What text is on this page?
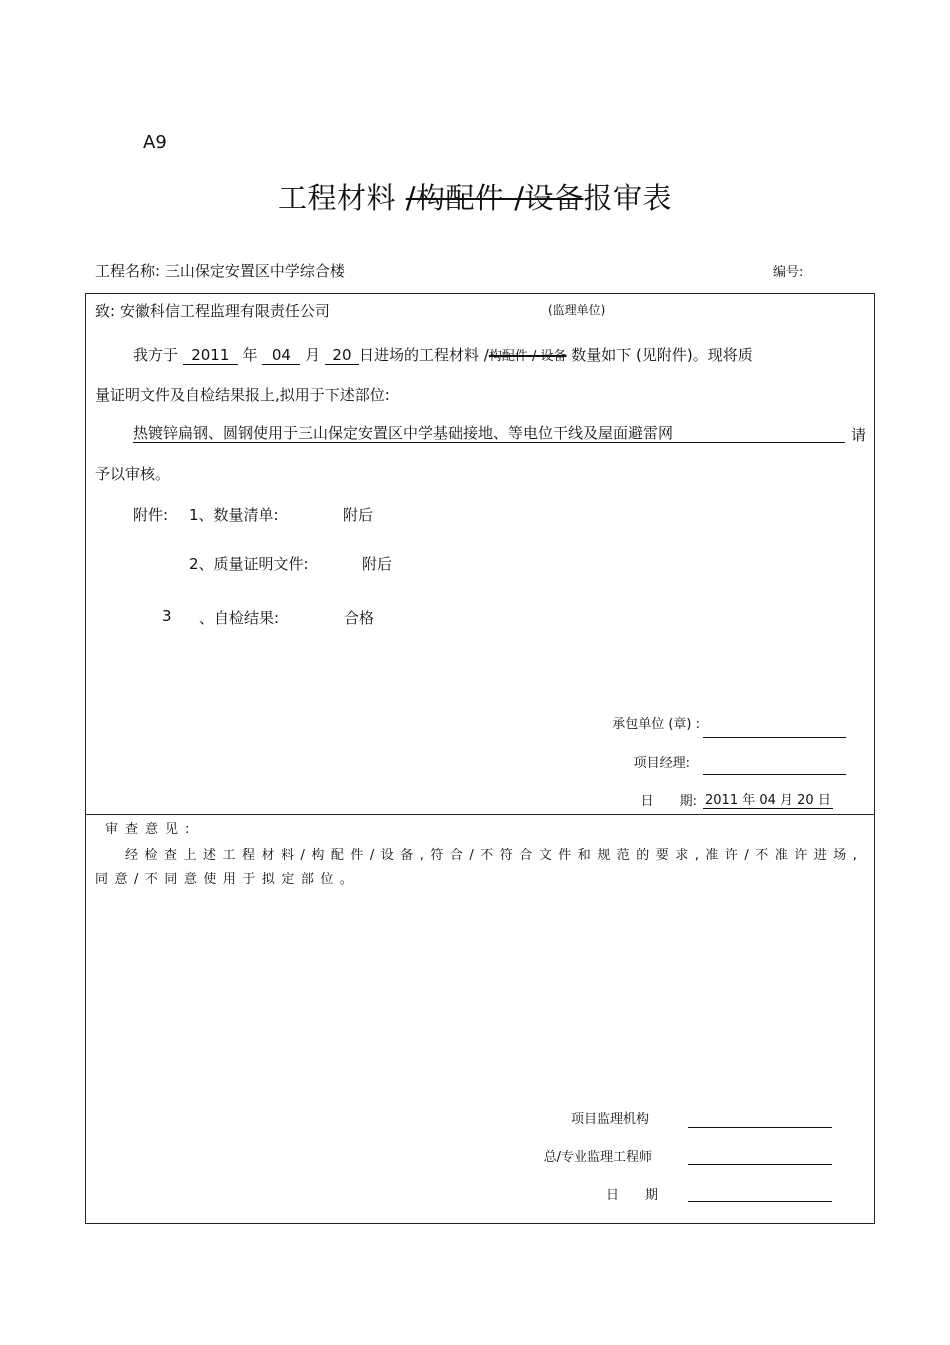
A9
工程材料 /构配件 /设备报审表
工程名称: 三山保定安置区中学综合楼	编号:
致: 安徽科信工程监理有限责任公司	(监理单位)
我方于 2011 年 04 月 20 日进场的工程材料 /构配件 / 设备 数量如下 (见附件)。现将质
量证明文件及自检结果报上,拟用于下述部位:
热镀锌扁钢、圆钢使用于三山保定安置区中学基础接地、等电位干线及屋面避雷网	请
予以审核。
附件: 1、数量清单:	附后
2、质量证明文件:	附后
3 、自检结果:	合格
承包单位 (章) :
项目经理:
日　　期: 2011 年 04 月 20 日
审查意见:
经检查上述工程材料/构配件/设备,符合/不符合文件和规范的要求,准许/不准许进场,同意/不同意使用于拟定部位。
项目监理机构
总/专业监理工程师
日　　期
